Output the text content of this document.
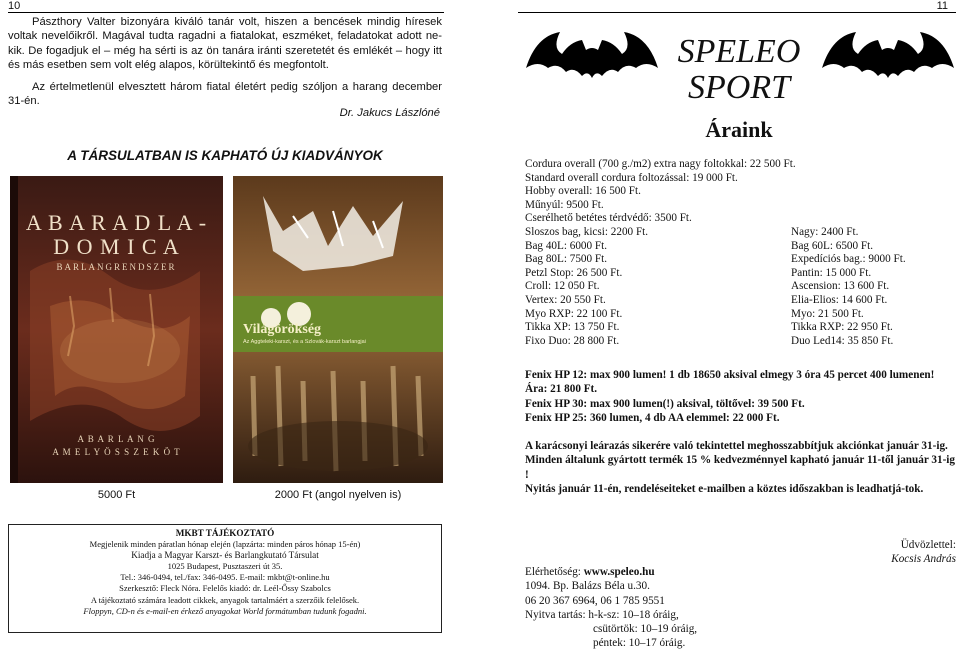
10	11
Pászthory Valter bizonyára kiváló tanár volt, hiszen a bencések mindig híresek voltak nevelőikről. Magával tudta ragadni a fiatalokat, eszméket, feladatokat adott ne-kik. De fogadjuk el – még ha sérti is az ön tanára iránti szeretetét és emlékét – hogy itt és más esetben sem volt elég alapos, körültekintő és megfontolt.
Az értelmetlenül elvesztett három fiatal életért pedig szóljon a harang december 31-én.
Dr. Jakucs Lászlóné
A TÁRSULATBAN IS KAPHATÓ ÚJ KIADVÁNYOK
A B A R A D L A -
D O M I C A
BARLANGRENDSZER
A B A R L A N G
A M E L Y Ö S S Z E K Ö T
Világörökség
Az Aggteleki-karszt, és a Szlovák-karszt barlangjai
5000 Ft	2000 Ft (angol nyelven is)
MKBT TÁJÉKOZTATÓ
Megjelenik minden páratlan hónap elején (lapzárta: minden páros hónap 15-én)
Kiadja a Magyar Karszt- és Barlangkutató Társulat
1025 Budapest, Pusztaszeri út 35.
Tel.: 346-0494, tel./fax: 346-0495. E-mail: mkbt@t-online.hu
Szerkesztő: Fleck Nóra. Felelős kiadó: dr. Leél-Őssy Szabolcs
A tájékoztató számára leadott cikkek, anyagok tartalmáért a szerzőik felelősek.
Floppyn, CD-n és e-mail-en érkező anyagokat World formátumban tudunk fogadni.
SPELEO
SPORT
Áraink
Cordura overall (700 g./m2) extra nagy foltokkal: 22 500 Ft.
Standard overall cordura foltozással: 19 000 Ft.
Hobby overall: 16 500 Ft.
Műnyúl: 9500 Ft.
Cserélhető betétes térdvédő: 3500 Ft.
Sloszos bag, kicsi: 2200 Ft.
Bag 40L: 6000 Ft.
Bag 80L: 7500 Ft.
Petzl Stop: 26 500 Ft.
Croll: 12 050 Ft.
Vertex: 20 550 Ft.
Myo RXP: 22 100 Ft.
Tikka XP: 13 750 Ft.
Fixo Duo: 28 800 Ft.
Nagy: 2400 Ft.
Bag 60L: 6500 Ft.
Expedíciós bag.: 9000 Ft.
Pantin: 15 000 Ft.
Ascension: 13 600 Ft.
Elia-Elios: 14 600 Ft.
Myo: 21 500 Ft.
Tikka RXP: 22 950 Ft.
Duo Led14: 35 850 Ft.
Fenix HP 12: max 900 lumen! 1 db 18650 aksival elmegy 3 óra 45 percet 400 lumenen! Ára: 21 800 Ft.
Fenix HP 30: max 900 lumen(!) aksival, töltővel: 39 500 Ft.
Fenix HP 25: 360 lumen, 4 db AA elemmel: 22 000 Ft.
A karácsonyi leárazás sikerére való tekintettel meghosszabbítjuk akciónkat január 31-ig.
Minden általunk gyártott termék 15 % kedvezménnyel kapható január 11-től január 31-ig !
Nyitás január 11-én, rendeléseiteket e-mailben a köztes időszakban is leadhatjá-tok.
Üdvözlettel:
Kocsis András
Elérhetőség: www.speleo.hu
1094. Bp. Balázs Béla u.30.
06 20 367 6964, 06 1 785 9551
Nyitva tartás: h-k-sz: 10–18 óráig,
csütörtök: 10–19 óráig,
péntek: 10–17 óráig.
